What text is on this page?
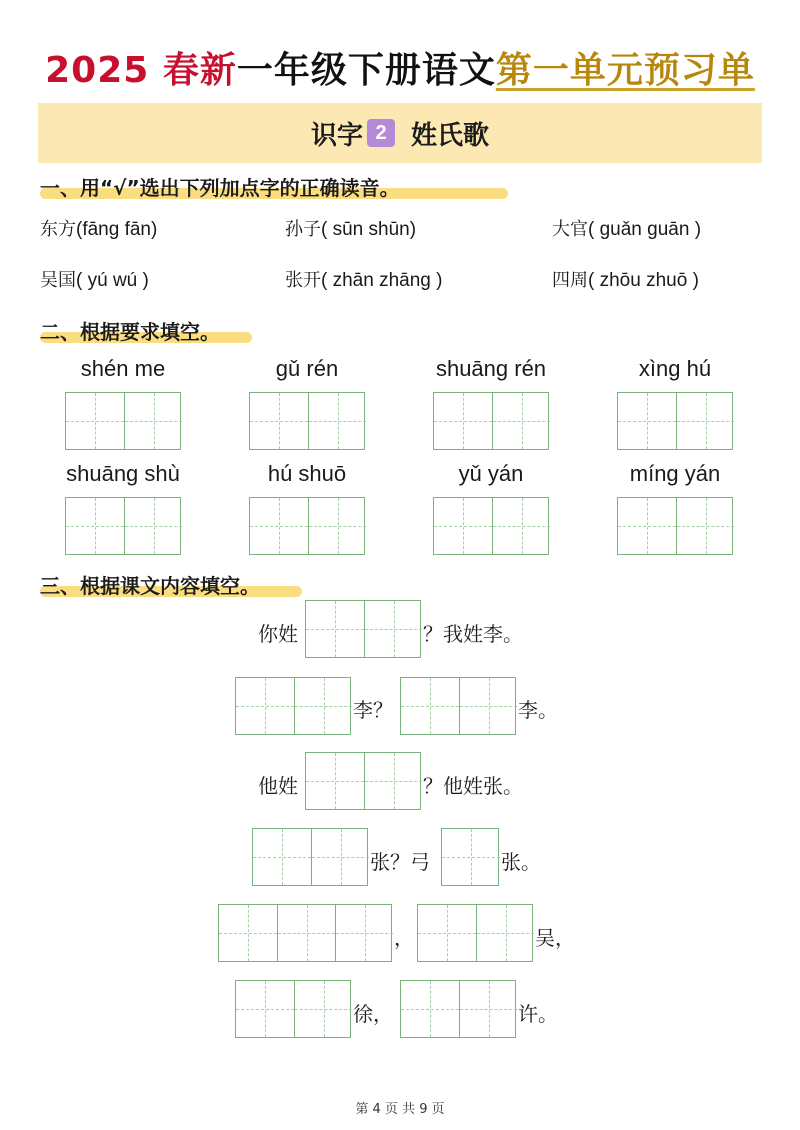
2025 春新一年级下册语文第一单元预习单
识字 2 姓氏歌
一、用“√”选出下列加点字的正确读音。
东方(fāng fān)	孙子( sūn shūn)	大官( guǎn guān )
吴国( yú wú )	张开( zhān zhāng )	四周( zhōu zhuō )
二、根据要求填空。
shén me	gǔ rén	shuāng rén	xìng hú
shuāng shù	hú shuō	yǔ yán	míng yán
三、根据课文内容填空。
你姓	？我姓李。
李？	李。
他姓	？他姓张。
张？弓	张。
，	吴，
徐，	许。
第 4 页 共 9 页
